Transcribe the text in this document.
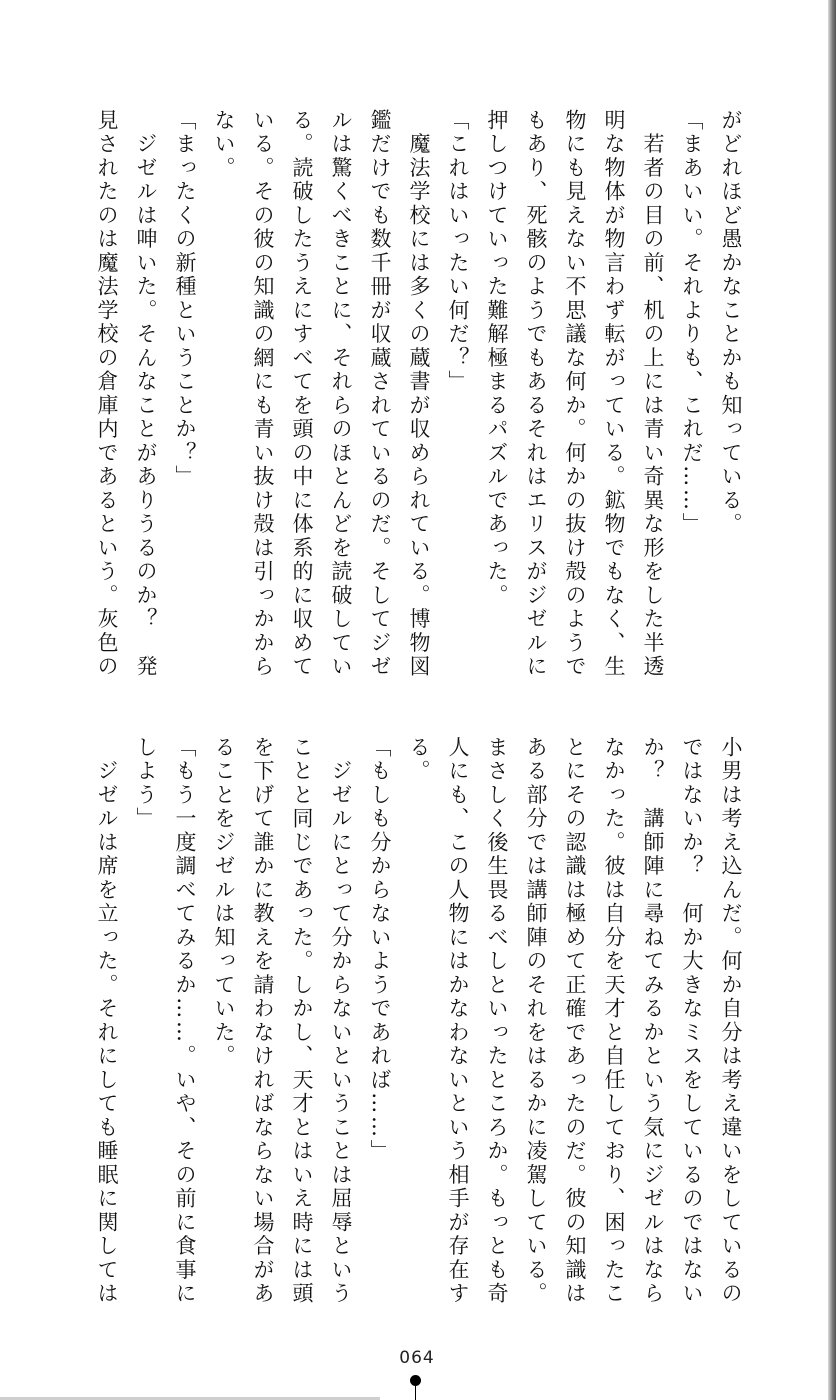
がどれほど愚かなことかも知っている。
「まあいい。それよりも、これだ……」
　若者の目の前、机の上には青い奇異な形をした半透
明な物体が物言わず転がっている。鉱物でもなく、生
物にも見えない不思議な何か。何かの抜け殻のようで
もあり、死骸のようでもあるそれはエリスがジゼルに
押しつけていった難解極まるパズルであった。
「これはいったい何だ？」
　魔法学校には多くの蔵書が収められている。博物図
鑑だけでも数千冊が収蔵されているのだ。そしてジゼ
ルは驚くべきことに、それらのほとんどを読破してい
る。読破したうえにすべてを頭の中に体系的に収めて
いる。その彼の知識の網にも青い抜け殻は引っかから
ない。
「まったくの新種ということか？」
　ジゼルは呻いた。そんなことがありうるのか？　発
見されたのは魔法学校の倉庫内であるという。灰色の
小男は考え込んだ。何か自分は考え違いをしているの
ではないか？　何か大きなミスをしているのではない
か？　講師陣に尋ねてみるかという気にジゼルはなら
なかった。彼は自分を天才と自任しており、困ったこ
とにその認識は極めて正確であったのだ。彼の知識は
ある部分では講師陣のそれをはるかに凌駕している。
まさしく後生畏るべしといったところか。もっとも奇
人にも、この人物にはかなわないという相手が存在す
る。
「もしも分からないようであれば……」
　ジゼルにとって分からないということは屈辱という
ことと同じであった。しかし、天才とはいえ時には頭
を下げて誰かに教えを請わなければならない場合があ
ることをジゼルは知っていた。
「もう一度調べてみるか……。いや、その前に食事に
しよう」
　ジゼルは席を立った。それにしても睡眠に関しては
064
